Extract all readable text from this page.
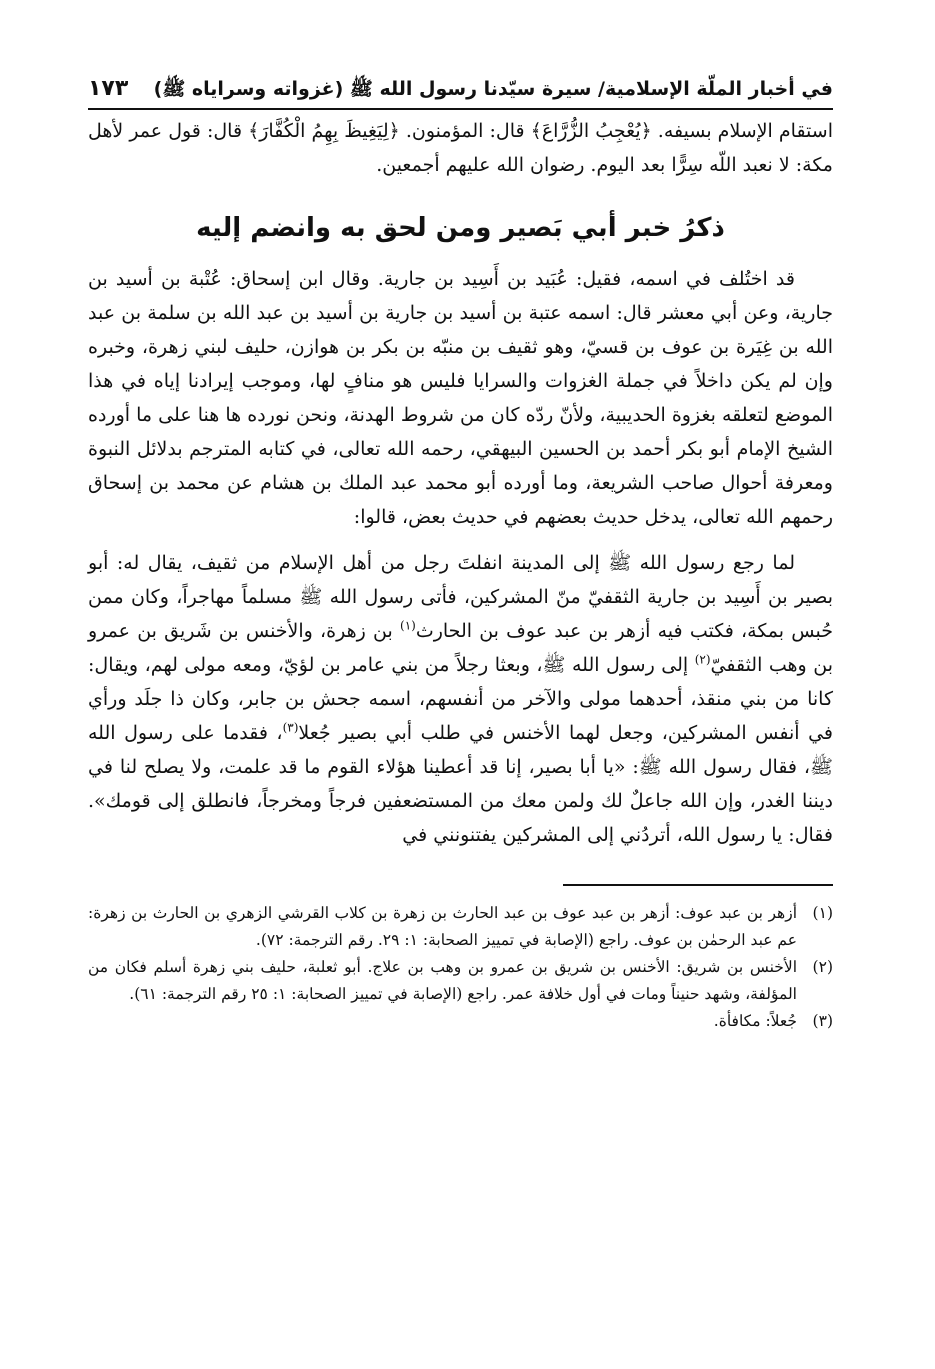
في أخبار الملّة الإسلامية/ سيرة سيّدنا رسول الله ﷺ (غزواته وسراياه ﷺ)
١٧٣

استقام الإسلام بسيفه. ﴿يُعْجِبُ الزُّرَّاعَ﴾ قال: المؤمنون. ﴿لِيَغِيظَ بِهِمُ الْكُفَّارَ﴾ قال: قول عمر لأهل مكة: لا نعبد اللّه سِرًّا بعد اليوم. رضوان الله عليهم أجمعين.

ذكرُ خبر أبي بَصير ومن لحق به وانضم إليه

قد اختُلف في اسمه، فقيل: عُبَيد بن أَسِيد بن جارية. وقال ابن إسحاق: عُتْبة بن أسيد بن جارية، وعن أبي معشر قال: اسمه عتبة بن أسيد بن جارية بن أسيد بن عبد الله بن سلمة بن عبد الله بن غِيَرة بن عوف بن قسيّ، وهو ثقيف بن منبّه بن بكر بن هوازن، حليف لبني زهرة، وخبره وإن لم يكن داخلاً في جملة الغزوات والسرايا فليس هو منافٍ لها، وموجب إيرادنا إياه في هذا الموضع لتعلقه بغزوة الحديبية، ولأنّ ردّه كان من شروط الهدنة، ونحن نورده ها هنا على ما أورده الشيخ الإمام أبو بكر أحمد بن الحسين البيهقي، رحمه الله تعالى، في كتابه المترجم بدلائل النبوة ومعرفة أحوال صاحب الشريعة، وما أورده أبو محمد عبد الملك بن هشام عن محمد بن إسحاق رحمهم الله تعالى، يدخل حديث بعضهم في حديث بعض، قالوا:

لما رجع رسول الله ﷺ إلى المدينة انفلتَ رجل من أهل الإسلام من ثقيف، يقال له: أبو بصير بن أَسِيد بن جارية الثقفيّ منّ المشركين، فأتى رسول الله ﷺ مسلماً مهاجراً، وكان ممن حُبس بمكة، فكتب فيه أزهر بن عبد عوف بن الحارث$^{(١)}$ بن زهرة، والأخنس بن شَريق بن عمرو بن وهب الثقفيّ$^{(٢)}$ إلى رسول الله ﷺ، وبعثا رجلاً من بني عامر بن لؤيّ، ومعه مولى لهم، ويقال: كانا من بني منقذ، أحدهما مولى والآخر من أنفسهم، اسمه جحش بن جابر، وكان ذا جلَد ورأي في أنفس المشركين، وجعل لهما الأخنس في طلب أبي بصير جُعلا$^{(٣)}$، فقدما على رسول الله ﷺ، فقال رسول الله ﷺ: «يا أبا بصير، إنا قد أعطينا هؤلاء القوم ما قد علمت، ولا يصلح لنا في ديننا الغدر، وإن الله جاعلٌ لك ولمن معك من المستضعفين فرجاً ومخرجاً، فانطلق إلى قومك». فقال: يا رسول الله، أتردُني إلى المشركين يفتنونني في

(١)
أزهر بن عبد عوف: أزهر بن عبد عوف بن عبد الحارث بن زهرة بن كلاب القرشي الزهري بن الحارث بن زهرة: عم عبد الرحمٰن بن عوف. راجع (الإصابة في تمييز الصحابة: ١: ٢٩. رقم الترجمة: ٧٢).
(٢)
الأخنس بن شريق: الأخنس بن شريق بن عمرو بن وهب بن علاج. أبو ثعلبة، حليف بني زهرة أسلم فكان من المؤلفة، وشهد حنيناً ومات في أول خلافة عمر. راجع (الإصابة في تمييز الصحابة: ١: ٢٥ رقم الترجمة: ٦١).
(٣)
جُعلاً: مكافأة.
